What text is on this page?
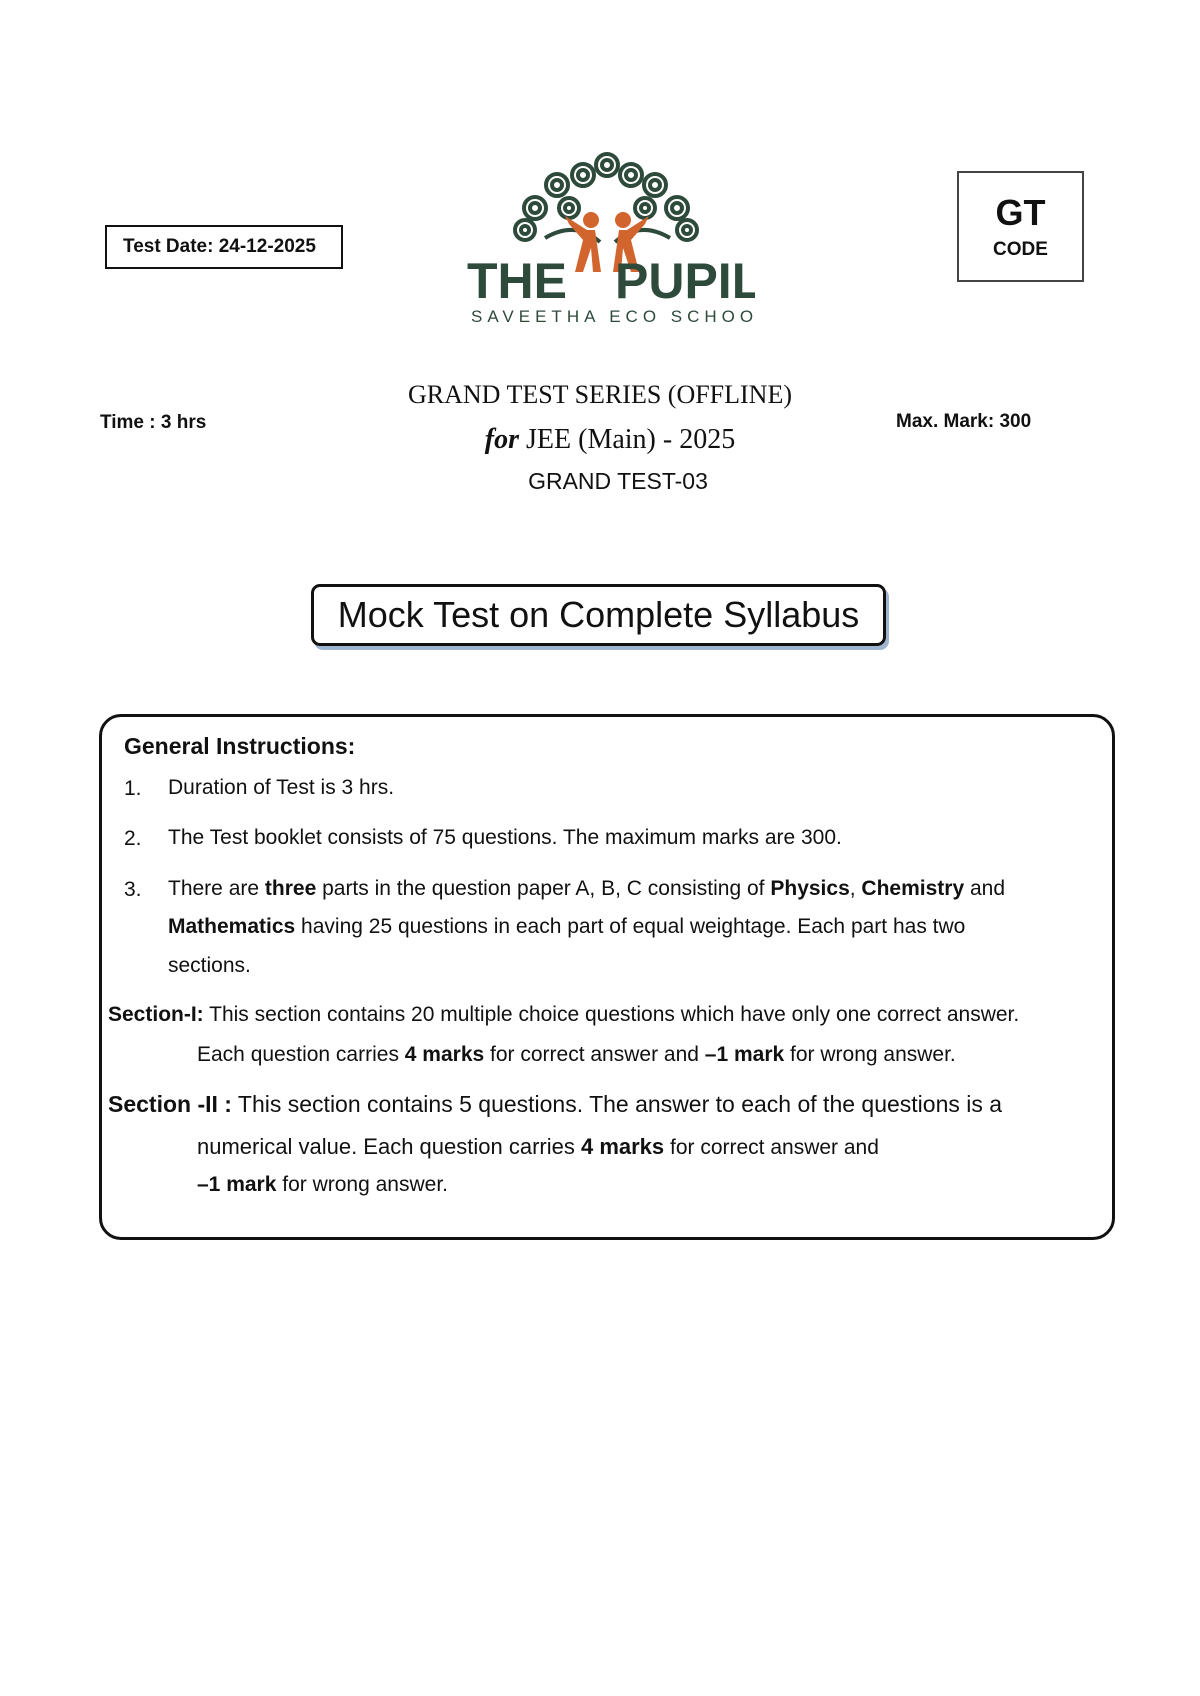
Test Date: 24-12-2025
THE PUPIL
SAVEETHA ECO SCHOOL
GT
CODE
Time : 3 hrs	Max. Mark: 300
GRAND TEST SERIES (OFFLINE)
for JEE (Main) - 2025
GRAND TEST-03
Mock Test on Complete Syllabus
General Instructions:
1. Duration of Test is 3 hrs.
2. The Test booklet consists of 75 questions. The maximum marks are 300.
3. There are three parts in the question paper A, B, C consisting of Physics, Chemistry and
Mathematics having 25 questions in each part of equal weightage. Each part has two
sections.
Section-I: This section contains 20 multiple choice questions which have only one correct answer.
Each question carries 4 marks for correct answer and –1 mark for wrong answer.
Section -II : This section contains 5 questions. The answer to each of the questions is a
numerical value. Each question carries 4 marks for correct answer and
–1 mark for wrong answer.
